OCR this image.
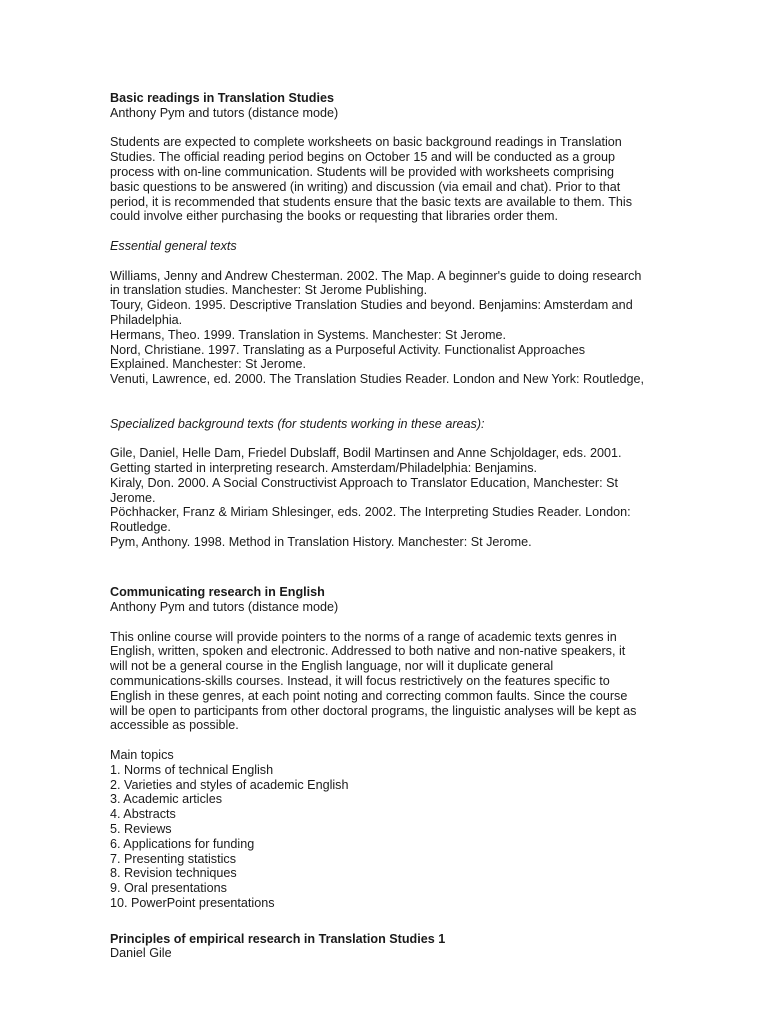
Basic readings in Translation Studies
Anthony Pym and tutors (distance mode)
Students are expected to complete worksheets on basic background readings in Translation
Studies. The official reading period begins on October 15 and will be conducted as a group
process with on-line communication. Students will be provided with worksheets comprising
basic questions to be answered (in writing) and discussion (via email and chat). Prior to that
period, it is recommended that students ensure that the basic texts are available to them. This
could involve either purchasing the books or requesting that libraries order them.
Essential general texts
Williams, Jenny and Andrew Chesterman. 2002. The Map. A beginner's guide to doing research
in translation studies. Manchester: St Jerome Publishing.
Toury, Gideon. 1995. Descriptive Translation Studies and beyond. Benjamins: Amsterdam and
Philadelphia.
Hermans, Theo. 1999. Translation in Systems. Manchester: St Jerome.
Nord, Christiane. 1997. Translating as a Purposeful Activity. Functionalist Approaches
Explained. Manchester: St Jerome.
Venuti, Lawrence, ed. 2000. The Translation Studies Reader. London and New York: Routledge,
Specialized background texts (for students working in these areas):
Gile, Daniel, Helle Dam, Friedel Dubslaff, Bodil Martinsen and Anne Schjoldager, eds. 2001.
Getting started in interpreting research. Amsterdam/Philadelphia: Benjamins.
Kiraly, Don. 2000. A Social Constructivist Approach to Translator Education, Manchester: St
Jerome.
Pöchhacker, Franz & Miriam Shlesinger, eds. 2002. The Interpreting Studies Reader. London:
Routledge.
Pym, Anthony. 1998. Method in Translation History. Manchester: St Jerome.
Communicating research in English
Anthony Pym and tutors (distance mode)
This online course will provide pointers to the norms of a range of academic texts genres in
English, written, spoken and electronic. Addressed to both native and non-native speakers, it
will not be a general course in the English language, nor will it duplicate general
communications-skills courses. Instead, it will focus restrictively on the features specific to
English in these genres, at each point noting and correcting common faults. Since the course
will be open to participants from other doctoral programs, the linguistic analyses will be kept as
accessible as possible.
Main topics
1. Norms of technical English
2. Varieties and styles of academic English
3. Academic articles
4. Abstracts
5. Reviews
6. Applications for funding
7. Presenting statistics
8. Revision techniques
9. Oral presentations
10. PowerPoint presentations
Principles of empirical research in Translation Studies 1
Daniel Gile
